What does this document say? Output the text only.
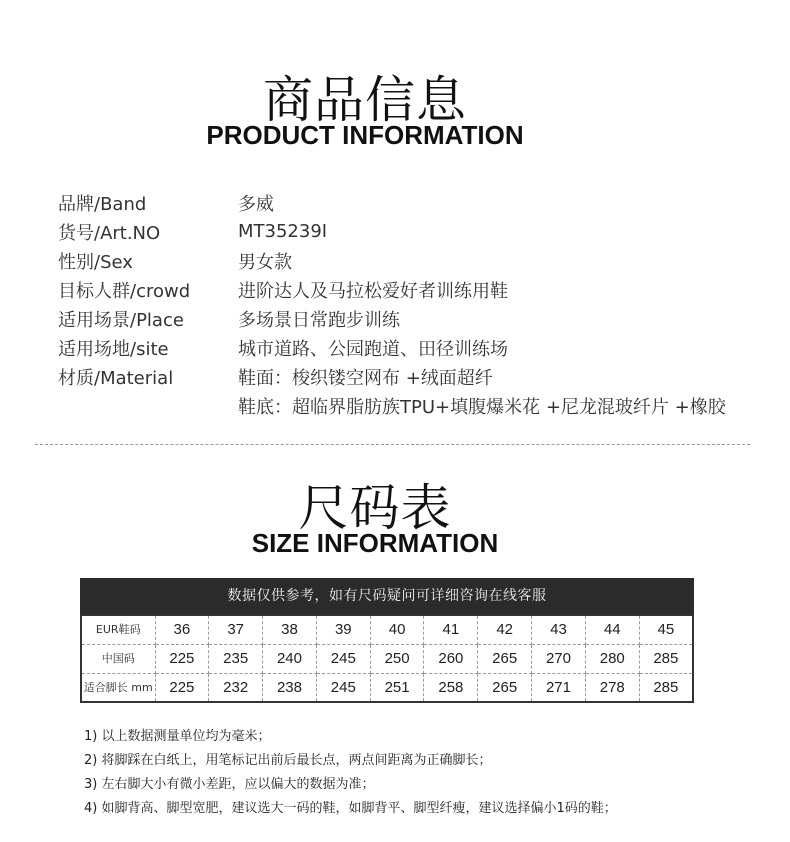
商品信息
PRODUCT INFORMATION
品牌/Band	多威
货号/Art.NO	MT35239I
性别/Sex	男女款
目标人群/crowd	进阶达人及马拉松爱好者训练用鞋
适用场景/Place	多场景日常跑步训练
适用场地/site	城市道路、公园跑道、田径训练场
材质/Material	鞋面：梭织镂空网布 +绒面超纤
鞋底：超临界脂肪族TPU+填腹爆米花 +尼龙混玻纤片 +橡胶
尺码表
SIZE INFORMATION
数据仅供参考，如有尺码疑问可详细咨询在线客服
EUR鞋码	36	37	38	39	40	41	42	43	44	45
中国码	225	235	240	245	250	260	265	270	280	285
适合脚长 mm	225	232	238	245	251	258	265	271	278	285
1) 以上数据测量单位均为毫米；
2) 将脚踩在白纸上，用笔标记出前后最长点，两点间距离为正确脚长；
3) 左右脚大小有微小差距，应以偏大的数据为准；
4) 如脚背高、脚型宽肥，建议选大一码的鞋，如脚背平、脚型纤瘦，建议选择偏小1码的鞋；
